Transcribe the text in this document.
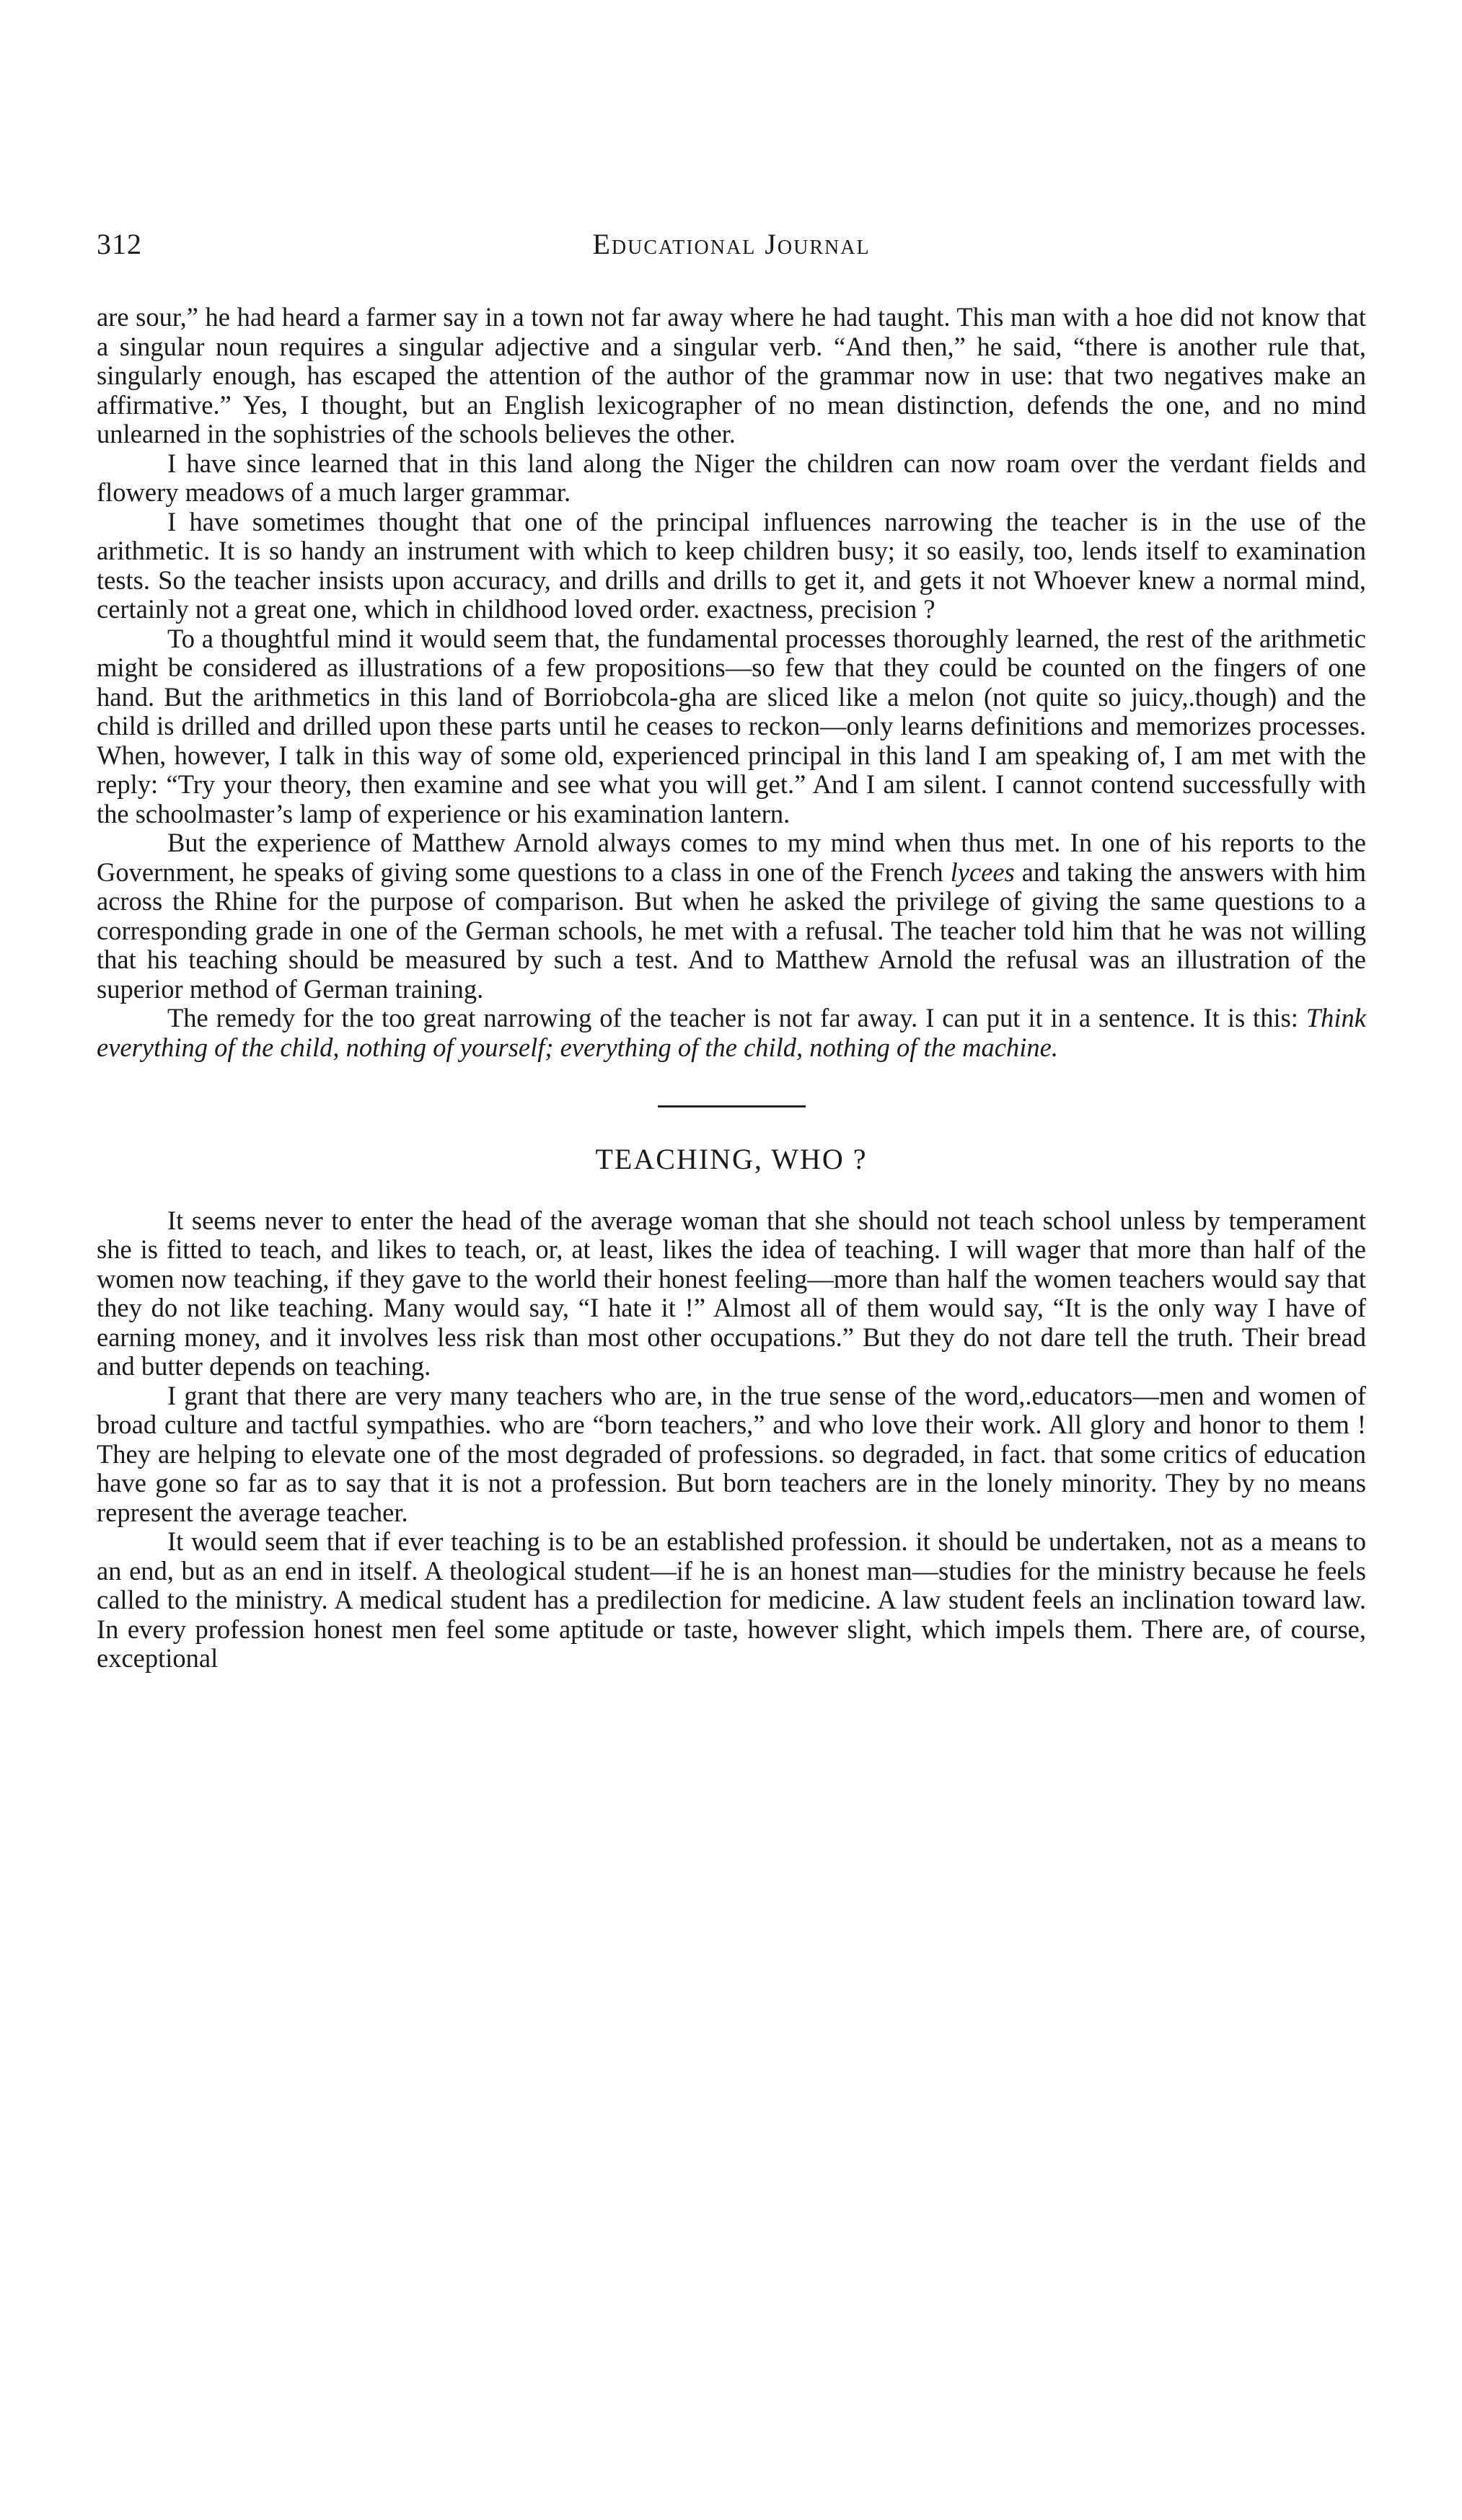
312	Educational Journal

are sour,” he had heard a farmer say in a town not far away where he had taught. This man with a hoe did not know that a singular noun requires a singular adjective and a singular verb. “And then,” he said, “there is another rule that, singularly enough, has escaped the attention of the author of the grammar now in use: that two negatives make an affirmative.” Yes, I thought, but an English lexicographer of no mean distinction, defends the one, and no mind unlearned in the sophistries of the schools believes the other.

I have since learned that in this land along the Niger the children can now roam over the verdant fields and flowery meadows of a much larger grammar.

I have sometimes thought that one of the principal influences narrowing the teacher is in the use of the arithmetic. It is so handy an instrument with which to keep children busy; it so easily, too, lends itself to examination tests. So the teacher insists upon accuracy, and drills and drills to get it, and gets it not Whoever knew a normal mind, certainly not a great one, which in childhood loved order. exactness, precision ?

To a thoughtful mind it would seem that, the fundamental processes thoroughly learned, the rest of the arithmetic might be considered as illustrations of a few propositions—so few that they could be counted on the fingers of one hand. But the arithmetics in this land of Borriobcola-gha are sliced like a melon (not quite so juicy,.though) and the child is drilled and drilled upon these parts until he ceases to reckon—only learns definitions and memorizes processes. When, however, I talk in this way of some old, experienced principal in this land I am speaking of, I am met with the reply: “Try your theory, then examine and see what you will get.” And I am silent. I cannot contend successfully with the schoolmaster’s lamp of experience or his examination lantern.

But the experience of Matthew Arnold always comes to my mind when thus met. In one of his reports to the Government, he speaks of giving some questions to a class in one of the French lycees and taking the answers with him across the Rhine for the purpose of comparison. But when he asked the privilege of giving the same questions to a corresponding grade in one of the German schools, he met with a refusal. The teacher told him that he was not willing that his teaching should be measured by such a test. And to Matthew Arnold the refusal was an illustration of the superior method of German training.

The remedy for the too great narrowing of the teacher is not far away. I can put it in a sentence. It is this: Think everything of the child, nothing of yourself; everything of the child, nothing of the machine.

TEACHING, WHO ?

It seems never to enter the head of the average woman that she should not teach school unless by temperament she is fitted to teach, and likes to teach, or, at least, likes the idea of teaching. I will wager that more than half of the women now teaching, if they gave to the world their honest feeling—more than half the women teachers would say that they do not like teaching. Many would say, “I hate it !” Almost all of them would say, “It is the only way I have of earning money, and it involves less risk than most other occupations.” But they do not dare tell the truth. Their bread and butter depends on teaching.

I grant that there are very many teachers who are, in the true sense of the word,.educators—men and women of broad culture and tactful sympathies. who are “born teachers,” and who love their work. All glory and honor to them ! They are helping to elevate one of the most degraded of professions. so degraded, in fact. that some critics of education have gone so far as to say that it is not a profession. But born teachers are in the lonely minority. They by no means represent the average teacher.

It would seem that if ever teaching is to be an established profession. it should be undertaken, not as a means to an end, but as an end in itself. A theological student—if he is an honest man—studies for the ministry because he feels called to the ministry. A medical student has a predilection for medicine. A law student feels an inclination toward law. In every profession honest men feel some aptitude or taste, however slight, which impels them. There are, of course, exceptional
